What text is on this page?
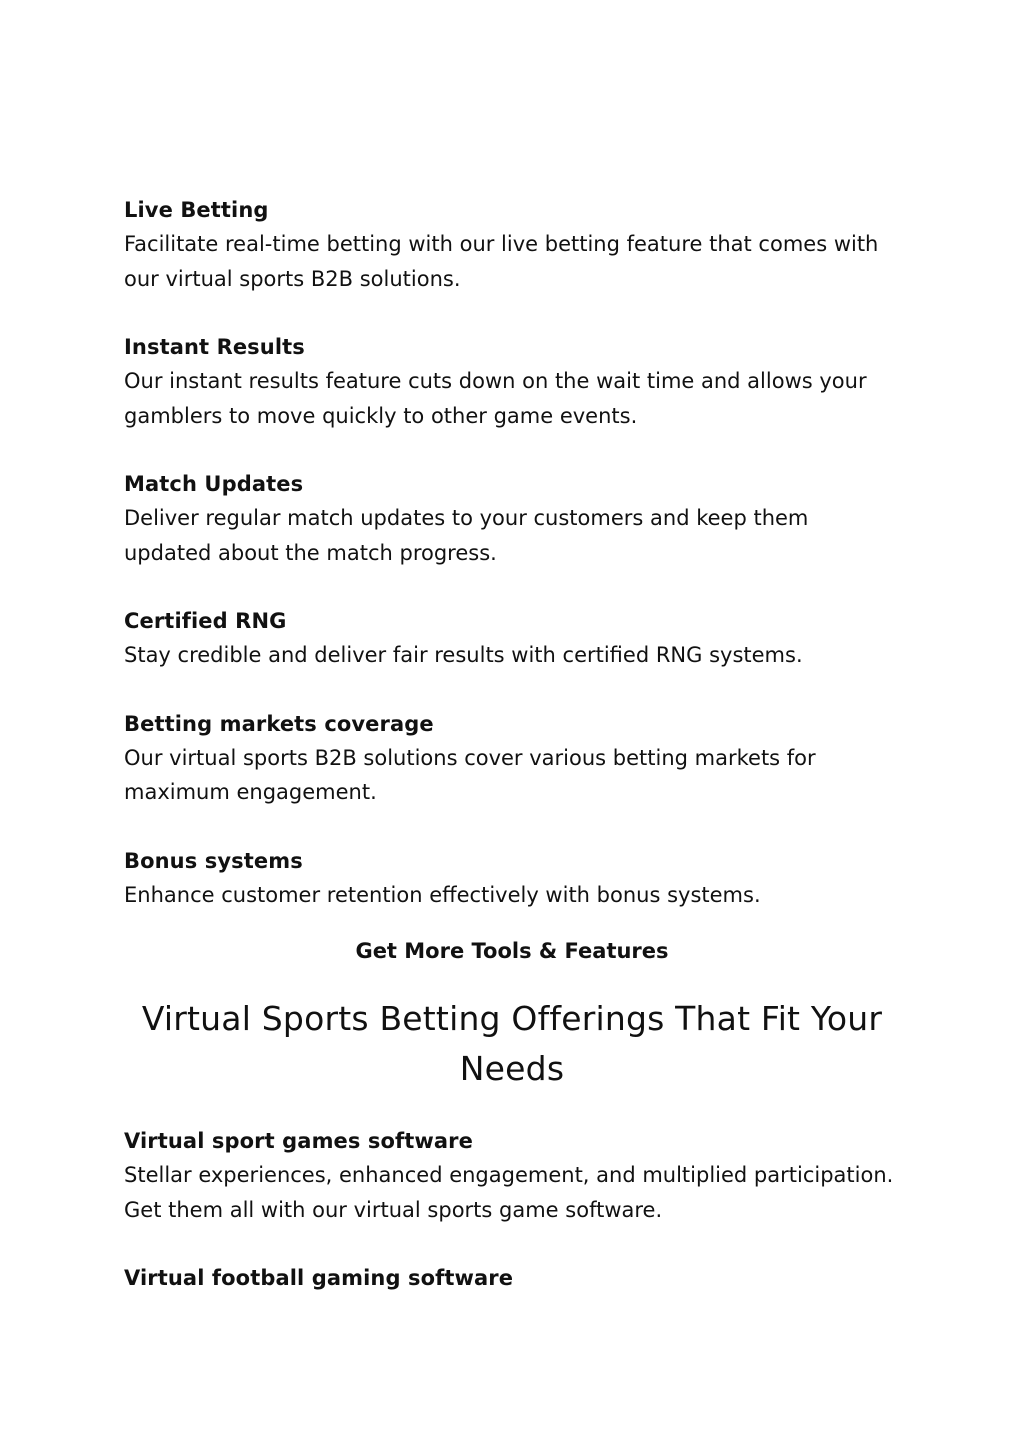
Live Betting

Facilitate real-time betting with our live betting feature that comes with our virtual sports B2B solutions.

Instant Results

Our instant results feature cuts down on the wait time and allows your gamblers to move quickly to other game events.

Match Updates

Deliver regular match updates to your customers and keep them updated about the match progress.

Certified RNG

Stay credible and deliver fair results with certified RNG systems.

Betting markets coverage

Our virtual sports B2B solutions cover various betting markets for maximum engagement.

Bonus systems

Enhance customer retention effectively with bonus systems.

Get More Tools & Features
Virtual Sports Betting Offerings That Fit Your Needs

Virtual sport games software

Stellar experiences, enhanced engagement, and multiplied participation. Get them all with our virtual sports game software.

Virtual football gaming software
